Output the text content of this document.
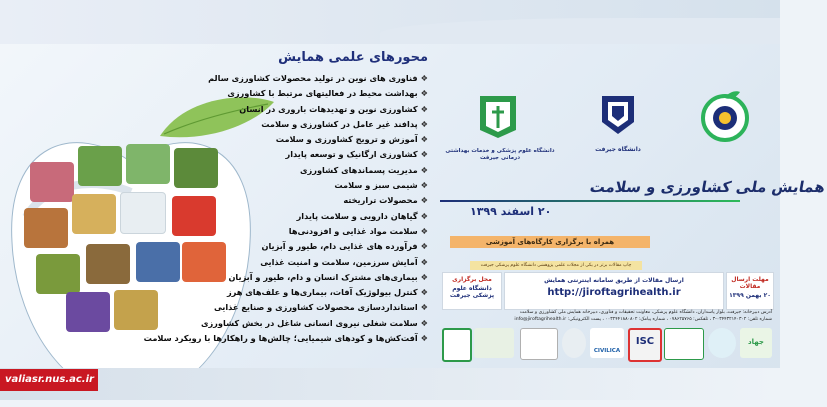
محورهای علمی همایش
❖فناوری های نوین در تولید محصولات کشاورزی سالم
❖بهداشت محیط در فعالیتهای مرتبط با کشاورزی
❖کشاورزی نوین و تهدیدهات باروری در انسان
❖پدافند غیر عامل در کشاورزی و سلامت
❖آموزش و ترویج کشاورزی و سلامت
❖کشاورزی ارگانیک و توسعه پایدار
❖مدیریت پسماندهای کشاورزی
❖شیمی سبز و سلامت
❖محصولات تراریخته
❖گیاهان دارویی و سلامت پایدار
❖سلامت مواد غذایی و افزودنی‌ها
❖فرآورده های غذایی دام، طیور و آبزیان
❖آمایش سرزمین، سلامت و امنیت غذایی
❖بیماری‌های مشترک انسان و دام، طیور و آبزیان
❖کنترل بیولوژیک آفات، بیماری‌ها و علف‌های هرز
❖استانداردسازی محصولات کشاورزی و صنایع غذایی
❖سلامت شغلی نیروی انسانی شاغل در بخش کشاورزی
❖آفت‌کش‌ها و کودهای شیمیایی؛ چالش‌ها و راهکارها با رویکرد سلامت
دانشگاه علوم پزشکی و خدمات بهداشتی درمانی جیرفت
دانشگاه جیرفت
همایش ملی کشاورزی و سلامت
۲۰ اسفند ۱۳۹۹
همراه با برگزاری کارگاه‌های آموزشی
چاپ مقالات برتر در یکی از مجلات علمی پژوهشی دانشگاه علوم پزشکی جیرفت
محل برگزاری
دانشگاه علوم پزشکی جیرفت
ارسال مقالات از طریق سامانه اینترنتی همایش
http://jiroftagrihealth.ir
مهلت ارسال مقالات
۲۰ بهمن ۱۳۹۹
آدرس دبیرخانه: جیرفت، بلوار پاسداران، دانشگاه علوم پزشکی، معاونت تحقیقات و فناوری، دبیرخانه همایش ملی کشاورزی و سلامت
شماره تلفن: ۰۳۴۴۳۲۱۴۰۳۰۲-۳ ، تلفکس: ۰۷۸۶۲۵۷۶۵ ، شماره پیامک: ۰۰۳۲۴۴۱۸۸۰۸۰۲ ، پست الکترونیکی: info@jiroftagrihealth.ir
CIVILICA
ISC	جهاد
valiasr.nus.ac.ir
